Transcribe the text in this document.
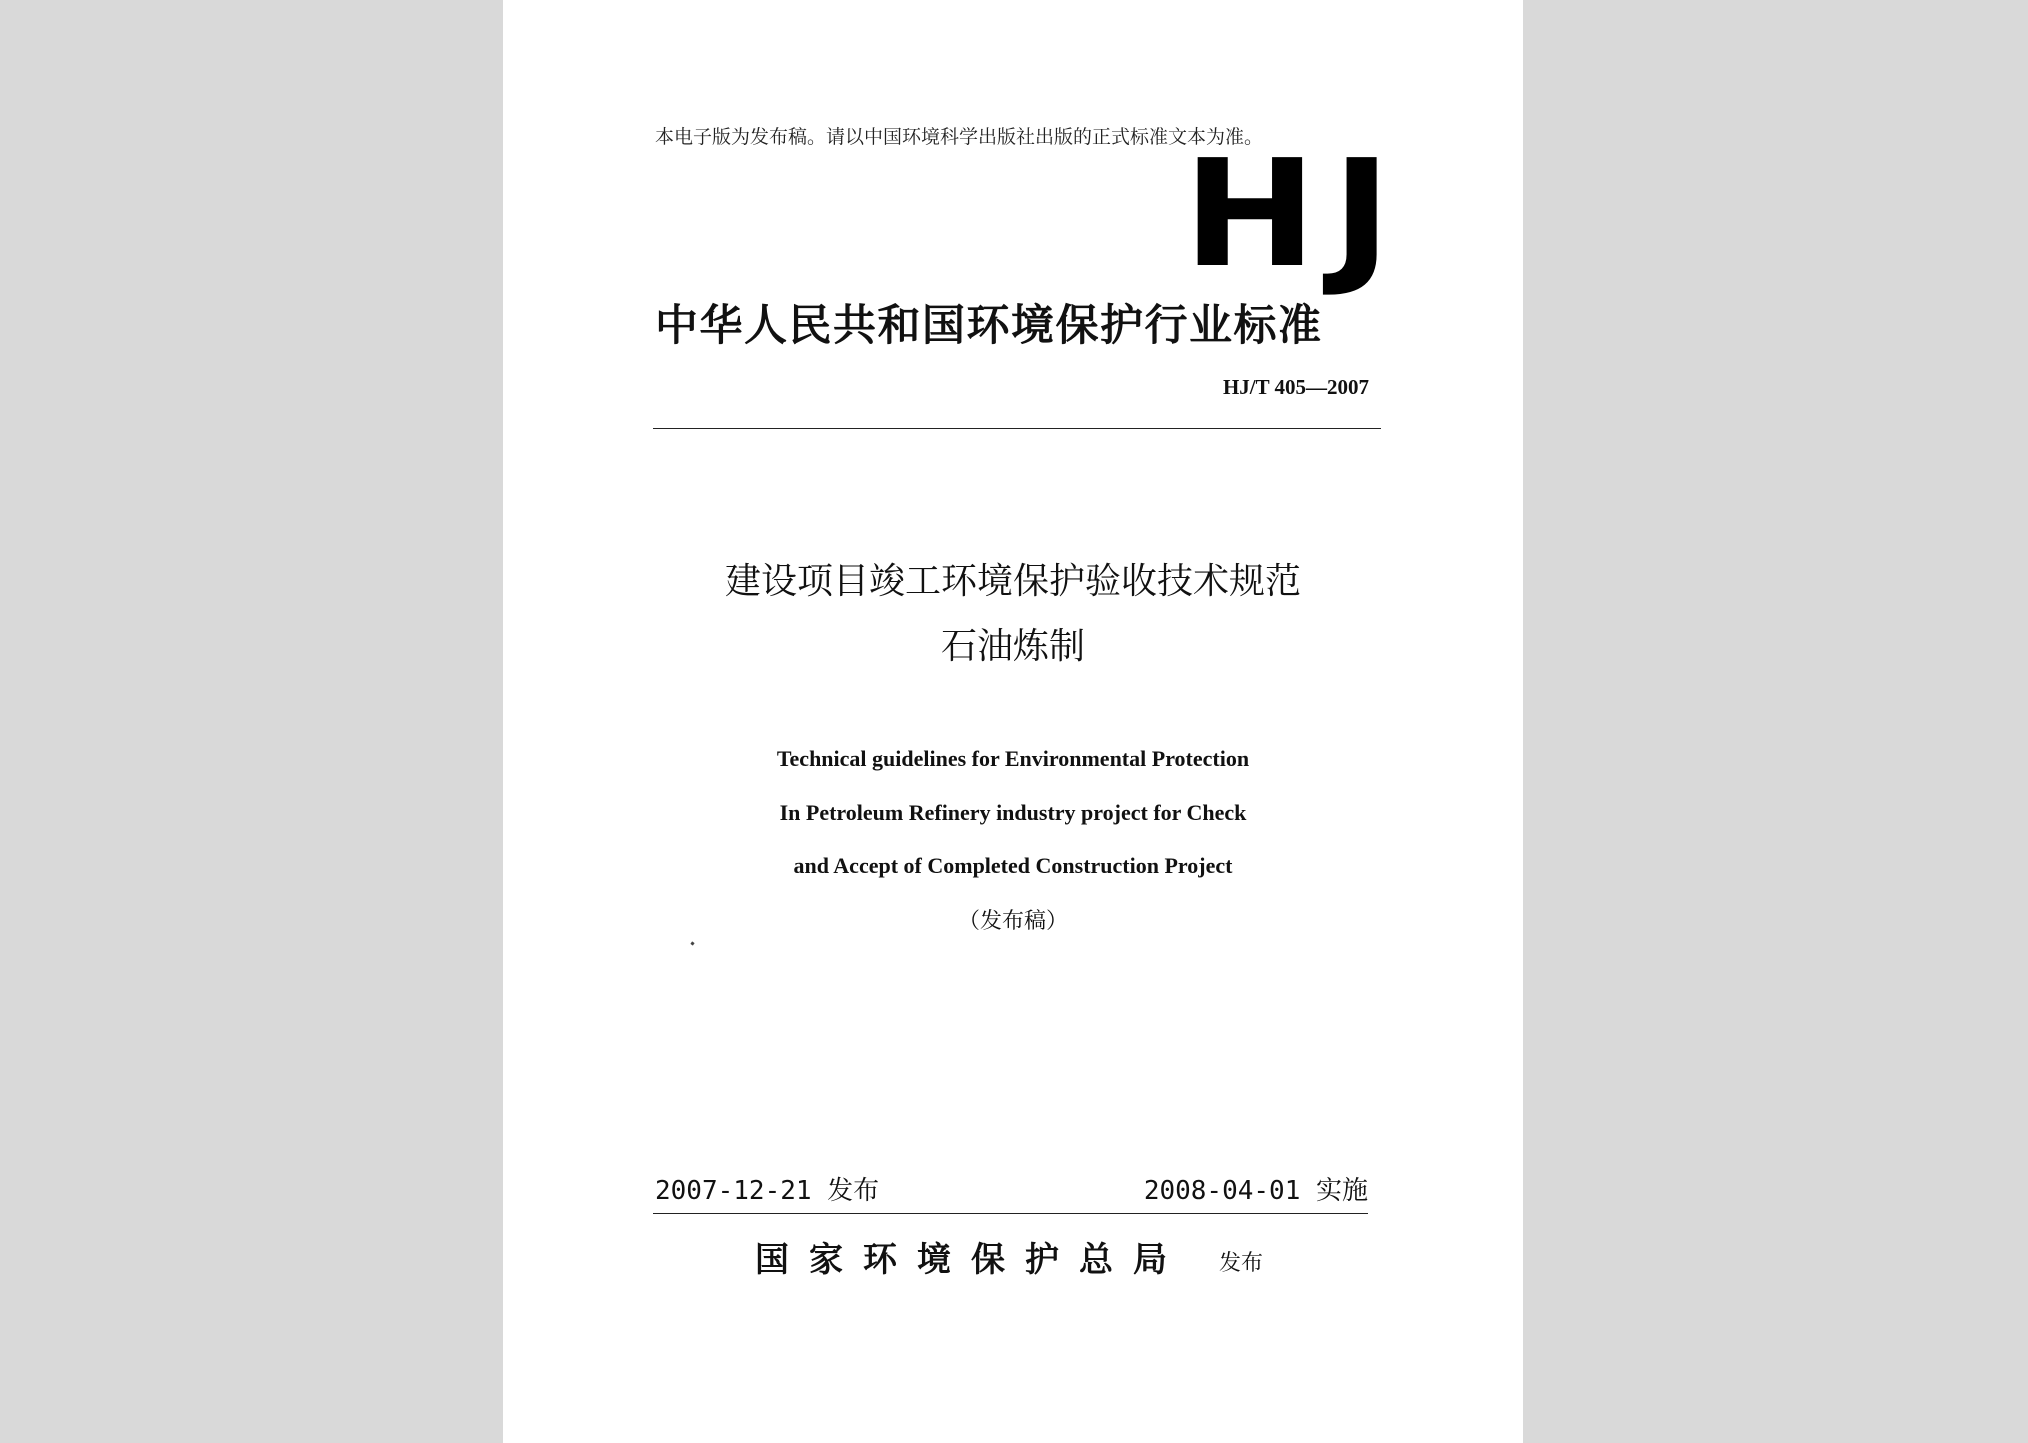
本电子版为发布稿。请以中国环境科学出版社出版的正式标准文本为准。
HJ
中华人民共和国环境保护行业标准
HJ/T 405—2007
建设项目竣工环境保护验收技术规范
石油炼制
Technical guidelines for Environmental Protection
In Petroleum Refinery industry project for Check
and Accept of Completed Construction Project
（发布稿）
2007-12-21 发布	2008-04-01 实施
国家环境保护总局 发布
